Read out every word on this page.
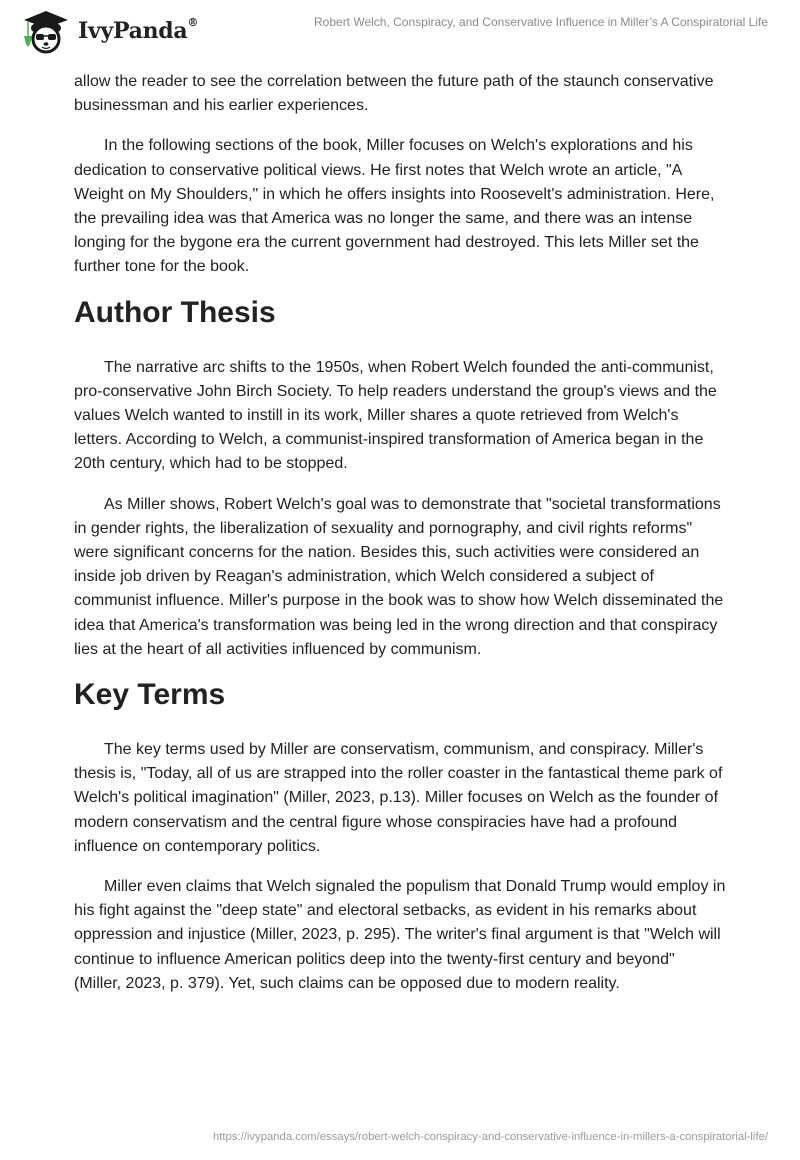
IvyPanda®	Robert Welch, Conspiracy, and Conservative Influence in Miller’s A Conspiratorial Life

allow the reader to see the correlation between the future path of the staunch conservative businessman and his earlier experiences.

In the following sections of the book, Miller focuses on Welch's explorations and his dedication to conservative political views. He first notes that Welch wrote an article, "A Weight on My Shoulders," in which he offers insights into Roosevelt's administration. Here, the prevailing idea was that America was no longer the same, and there was an intense longing for the bygone era the current government had destroyed. This lets Miller set the further tone for the book.

Author Thesis

The narrative arc shifts to the 1950s, when Robert Welch founded the anti-communist, pro-conservative John Birch Society. To help readers understand the group's views and the values Welch wanted to instill in its work, Miller shares a quote retrieved from Welch's letters. According to Welch, a communist-inspired transformation of America began in the 20th century, which had to be stopped.

As Miller shows, Robert Welch's goal was to demonstrate that "societal transformations in gender rights, the liberalization of sexuality and pornography, and civil rights reforms" were significant concerns for the nation. Besides this, such activities were considered an inside job driven by Reagan's administration, which Welch considered a subject of communist influence. Miller's purpose in the book was to show how Welch disseminated the idea that America's transformation was being led in the wrong direction and that conspiracy lies at the heart of all activities influenced by communism.

Key Terms

The key terms used by Miller are conservatism, communism, and conspiracy. Miller's thesis is, "Today, all of us are strapped into the roller coaster in the fantastical theme park of Welch's political imagination" (Miller, 2023, p.13). Miller focuses on Welch as the founder of modern conservatism and the central figure whose conspiracies have had a profound influence on contemporary politics.

Miller even claims that Welch signaled the populism that Donald Trump would employ in his fight against the "deep state" and electoral setbacks, as evident in his remarks about oppression and injustice (Miller, 2023, p. 295). The writer's final argument is that "Welch will continue to influence American politics deep into the twenty-first century and beyond" (Miller, 2023, p. 379). Yet, such claims can be opposed due to modern reality.

https://ivypanda.com/essays/robert-welch-conspiracy-and-conservative-influence-in-millers-a-conspiratorial-life/
